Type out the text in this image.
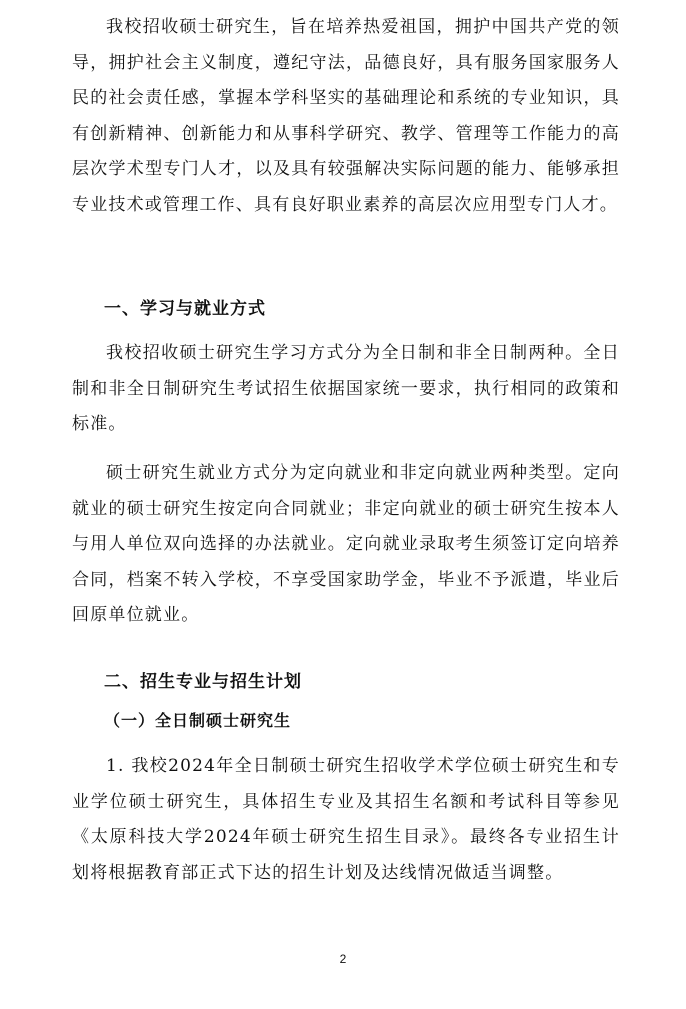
我校招收硕士研究生，旨在培养热爱祖国，拥护中国共产党的领导，拥护社会主义制度，遵纪守法，品德良好，具有服务国家服务人民的社会责任感，掌握本学科坚实的基础理论和系统的专业知识，具有创新精神、创新能力和从事科学研究、教学、管理等工作能力的高层次学术型专门人才，以及具有较强解决实际问题的能力、能够承担专业技术或管理工作、具有良好职业素养的高层次应用型专门人才。

一、学习与就业方式

我校招收硕士研究生学习方式分为全日制和非全日制两种。全日制和非全日制研究生考试招生依据国家统一要求，执行相同的政策和标准。

硕士研究生就业方式分为定向就业和非定向就业两种类型。定向就业的硕士研究生按定向合同就业；非定向就业的硕士研究生按本人与用人单位双向选择的办法就业。定向就业录取考生须签订定向培养合同，档案不转入学校，不享受国家助学金，毕业不予派遣，毕业后回原单位就业。

二、招生专业与招生计划
（一）全日制硕士研究生

1. 我校2024年全日制硕士研究生招收学术学位硕士研究生和专业学位硕士研究生，具体招生专业及其招生名额和考试科目等参见《太原科技大学2024年硕士研究生招生目录》。最终各专业招生计划将根据教育部正式下达的招生计划及达线情况做适当调整。

2
